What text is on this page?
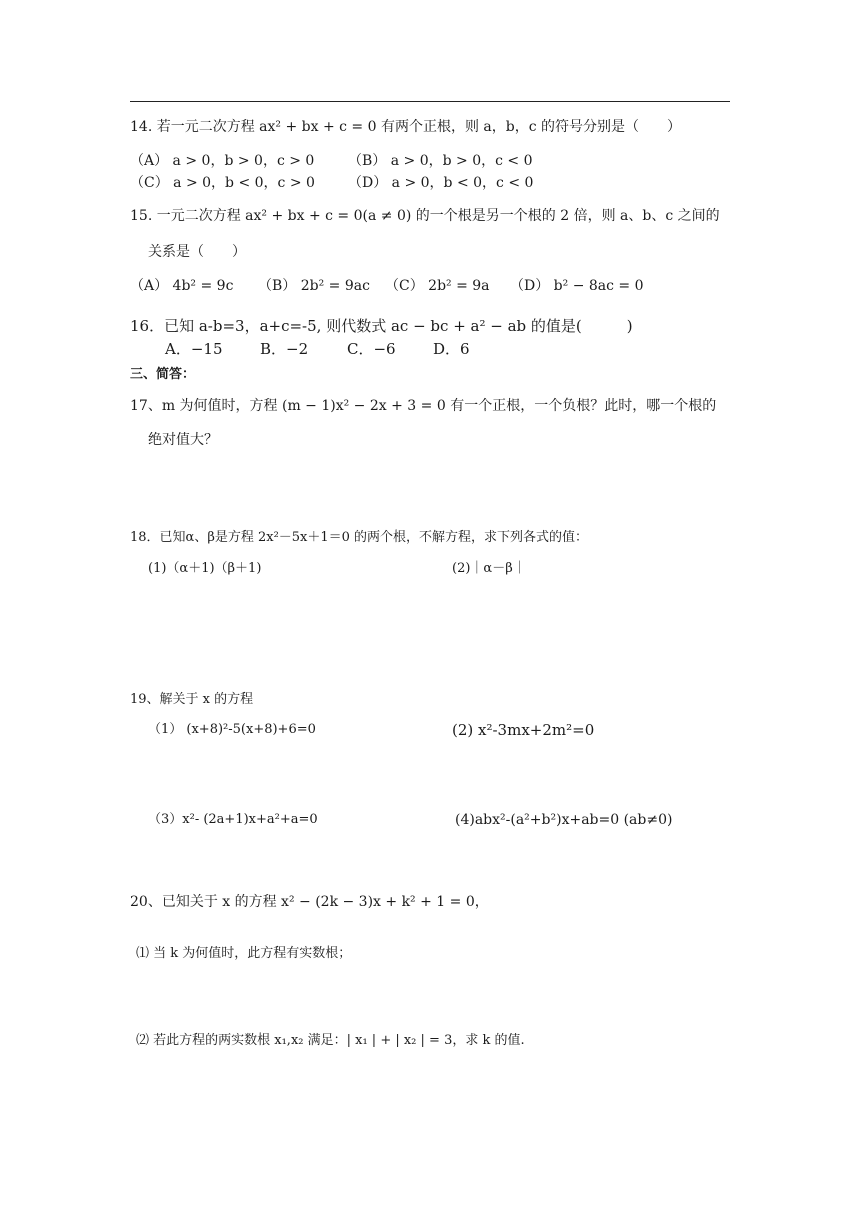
14. 若一元二次方程 ax² + bx + c = 0 有两个正根，则 a，b，c 的符号分别是（　　）
（A） a > 0，b > 0，c > 0 （B） a > 0，b > 0，c < 0
（C） a > 0，b < 0，c > 0 （D） a > 0，b < 0，c < 0
15. 一元二次方程 ax² + bx + c = 0(a ≠ 0) 的一个根是另一个根的 2 倍，则 a、b、c 之间的
关系是（　　）
（A） 4b² = 9c （B） 2b² = 9ac （C） 2b² = 9a （D） b² − 8ac = 0
16．已知 a-b=3，a+c=-5, 则代数式 ac − bc + a² − ab 的值是(　　　)
A．−15	B．−2	C．−6 D．6
三、简答：
17、m 为何值时，方程 (m − 1)x² − 2x + 3 = 0 有一个正根，一个负根？此时，哪一个根的
绝对值大？
18．已知α、β是方程 2x²－5x＋1＝0 的两个根，不解方程，求下列各式的值：
(1)（α＋1)（β＋1)	(2)｜α－β｜
19、解关于 x 的方程
（1） (x+8)²-5(x+8)+6=0	(2) x²-3mx+2m²=0
（3）x²- (2a+1)x+a²+a=0	(4)abx²-(a²+b²)x+ab=0 (ab≠0)
20、已知关于 x 的方程 x² − (2k − 3)x + k² + 1 = 0，
⑴ 当 k 为何值时，此方程有实数根；
⑵ 若此方程的两实数根 x₁,x₂ 满足：| x₁ | + | x₂ | = 3，求 k 的值.
